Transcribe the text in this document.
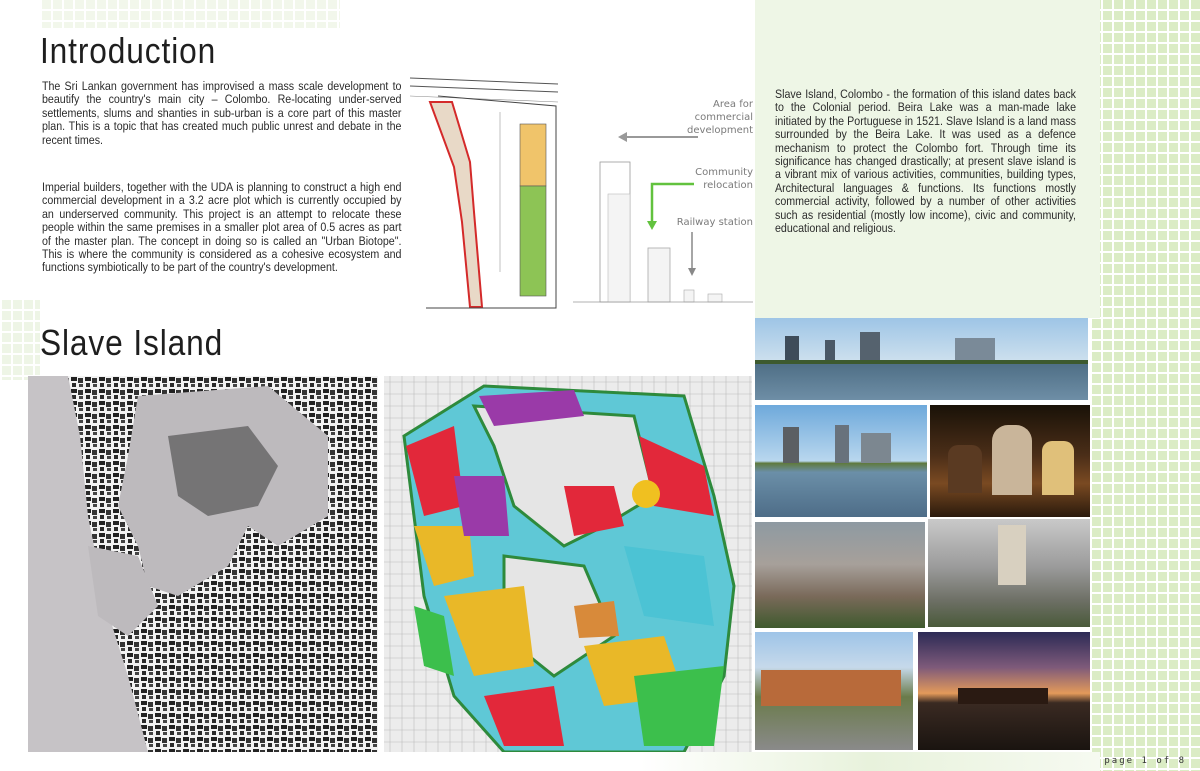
Introduction
The Sri Lankan government has improvised a mass scale development to beautify the country's main city – Colombo. Re-locating under-served settlements, slums and shanties in sub-urban is a core part of this master plan. This is a topic that has created much public unrest and debate in the recent times.
Imperial builders, together with the UDA is planning to construct a high end commercial development in a 3.2 acre plot which is currently occupied by an underserved community. This project is an attempt to relocate these people within the same premises in a smaller plot area of 0.5 acres as part of the master plan. The concept in doing so is called an "Urban Biotope". This is where the community is considered as a cohesive ecosystem and functions symbiotically to be part of the country's development.
Area for
commercial
development
Community
relocation
Railway station
Slave Island, Colombo - the formation of this island dates back to the Colonial period. Beira Lake was a man-made lake initiated by the Portuguese in 1521. Slave Island is a land mass surrounded by the Beira Lake. It was used as a defence mechanism to protect the Colombo fort. Through time its significance has changed drastically; at present slave island is a vibrant mix of various activities, communities, building types, Architectural languages & functions. Its functions mostly commercial activity, followed by a number of other activities such as residential (mostly low income), civic and community, educational and religious.
Slave Island
page 1 of 8
